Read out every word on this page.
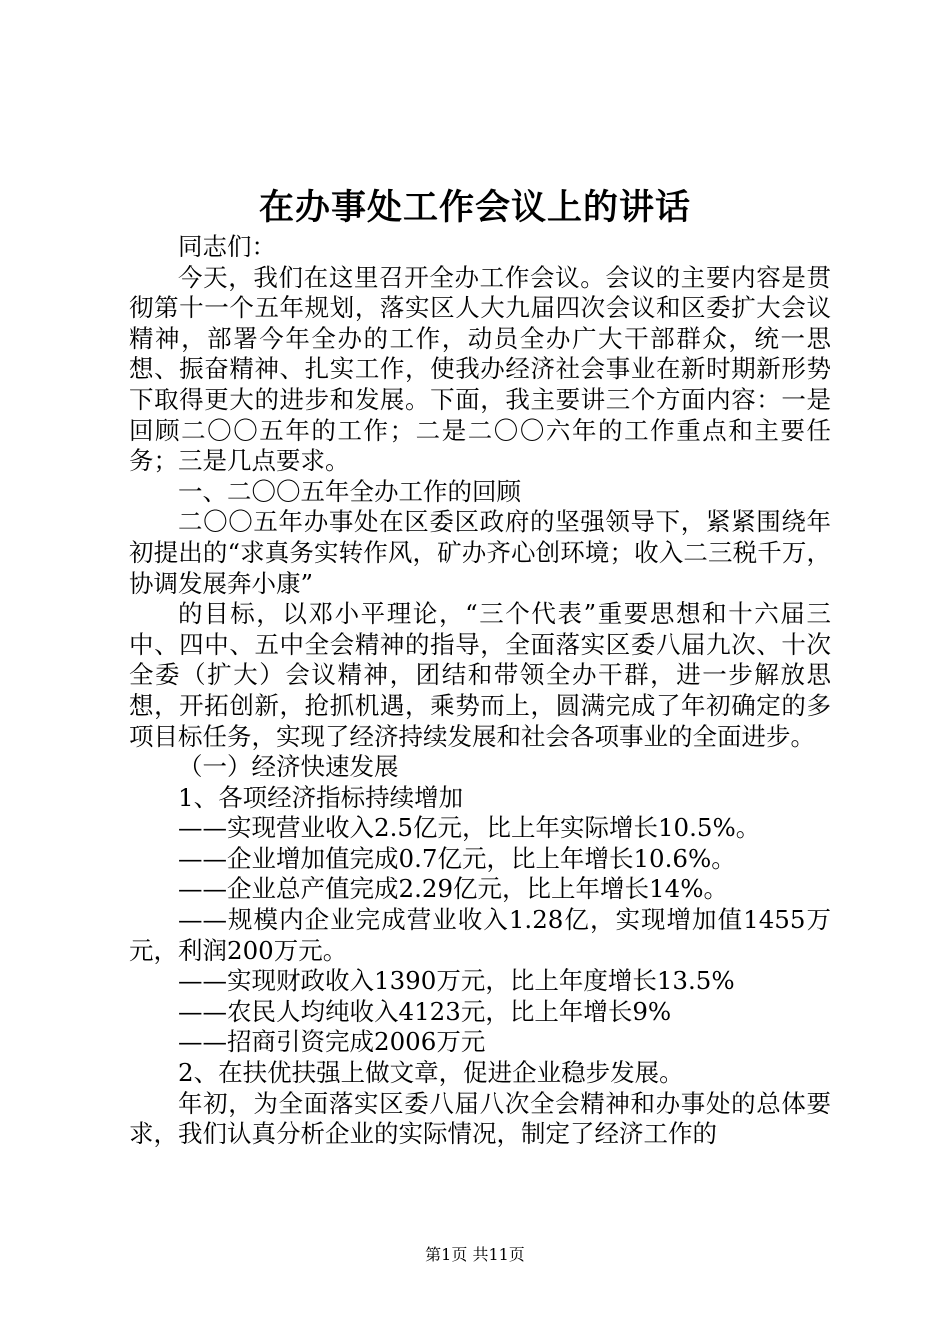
在办事处工作会议上的讲话

同志们：

今天，我们在这里召开全办工作会议。会议的主要内容是贯彻第十一个五年规划，落实区人大九届四次会议和区委扩大会议精神，部署今年全办的工作，动员全办广大干部群众，统一思想、振奋精神、扎实工作，使我办经济社会事业在新时期新形势下取得更大的进步和发展。下面，我主要讲三个方面内容：一是回顾二〇〇五年的工作；二是二〇〇六年的工作重点和主要任务；三是几点要求。

一、二〇〇五年全办工作的回顾

二〇〇五年办事处在区委区政府的坚强领导下，紧紧围绕年初提出的“求真务实转作风，矿办齐心创环境；收入二三税千万，协调发展奔小康”

的目标，以邓小平理论，“三个代表”重要思想和十六届三中、四中、五中全会精神的指导，全面落实区委八届九次、十次全委（扩大）会议精神，团结和带领全办干群，进一步解放思想，开拓创新，抢抓机遇，乘势而上，圆满完成了年初确定的多项目标任务，实现了经济持续发展和社会各项事业的全面进步。

（一）经济快速发展

1、各项经济指标持续增加

——实现营业收入2.5亿元，比上年实际增长10.5%。

——企业增加值完成0.7亿元，比上年增长10.6%。

——企业总产值完成2.29亿元，比上年增长14%。

——规模内企业完成营业收入1.28亿，实现增加值1455万元，利润200万元。

——实现财政收入1390万元，比上年度增长13.5%

——农民人均纯收入4123元，比上年增长9%

——招商引资完成2006万元

2、在扶优扶强上做文章，促进企业稳步发展。

年初，为全面落实区委八届八次全会精神和办事处的总体要求，我们认真分析企业的实际情况，制定了经济工作的

第1页 共11页
